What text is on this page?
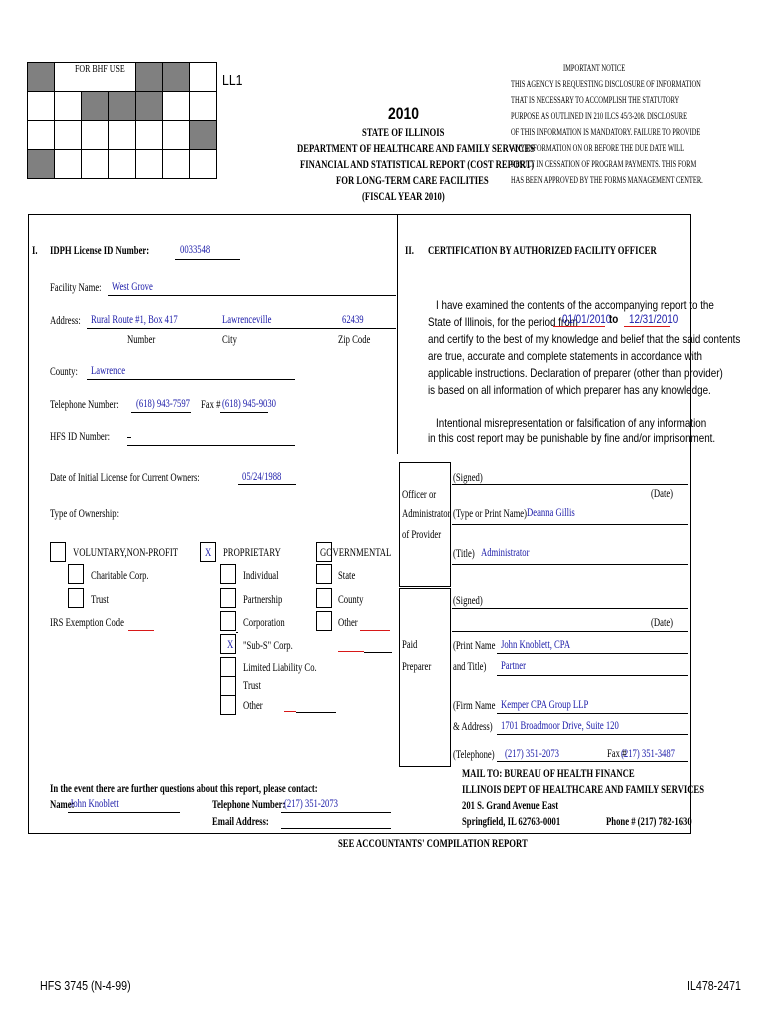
	FOR BHF USE					

LL1
2010
STATE OF ILLINOIS
DEPARTMENT OF HEALTHCARE AND FAMILY SERVICES
FINANCIAL AND STATISTICAL REPORT (COST REPORT)
FOR LONG-TERM CARE FACILITIES
(FISCAL YEAR 2010)
IMPORTANT NOTICE
THIS AGENCY IS REQUESTING DISCLOSURE OF INFORMATION
THAT IS NECESSARY TO ACCOMPLISH THE STATUTORY
PURPOSE AS OUTLINED IN 210 ILCS 45/3-208. DISCLOSURE
OF THIS INFORMATION IS MANDATORY. FAILURE TO PROVIDE
ANY INFORMATION ON OR BEFORE THE DUE DATE WILL
RESULT IN CESSATION OF PROGRAM PAYMENTS. THIS FORM
HAS BEEN APPROVED BY THE FORMS MANAGEMENT CENTER.
I. IDPH License ID Number:	0033548
Facility Name: West Grove
Address: Rural Route #1, Box 417	Lawrenceville	62439
Number	City	Zip Code
County: Lawrence
Telephone Number: (618) 943-7597 Fax # (618) 945-9030
HFS ID Number:
Date of Initial License for Current Owners:	05/24/1988
Type of Ownership:
VOLUNTARY,NON-PROFIT
Charitable Corp.
Trust
IRS Exemption Code
X PROPRIETARY
Individual
Partnership
Corporation
X "Sub-S" Corp.
Limited Liability Co.
Trust
Other
GOVERNMENTAL
State
County
Other
II. CERTIFICATION BY AUTHORIZED FACILITY OFFICER
I have examined the contents of the accompanying report to the
State of Illinois, for the period from
01/01/2010
to 12/31/2010
and certify to the best of my knowledge and belief that the said contents
are true, accurate and complete statements in accordance with
applicable instructions. Declaration of preparer (other than provider)
is based on all information of which preparer has any knowledge.
Intentional misrepresentation or falsification of any information
in this cost report may be punishable by fine and/or imprisonment.
Officer or
Administrator
of Provider
(Signed)
(Date)
(Type or Print Name) Deanna Gillis
(Title) Administrator
(Signed)
(Date)
Paid
Preparer
(Print Name John Knoblett, CPA
and Title) Partner
(Firm Name Kemper CPA Group LLP
& Address) 1701 Broadmoor Drive, Suite 120
(Telephone) (217) 351-2073	Fax #
(217) 351-3487
MAIL TO: BUREAU OF HEALTH FINANCE
ILLINOIS DEPT OF HEALTHCARE AND FAMILY SERVICES
201 S. Grand Avenue East
Springfield, IL 62763-0001	Phone # (217) 782-1630
In the event there are further questions about this report, please contact:
Name:
John Knoblett	Telephone Number:
(217) 351-2073
Email Address:
SEE ACCOUNTANTS' COMPILATION REPORT
HFS 3745 (N-4-99)	IL478-2471
